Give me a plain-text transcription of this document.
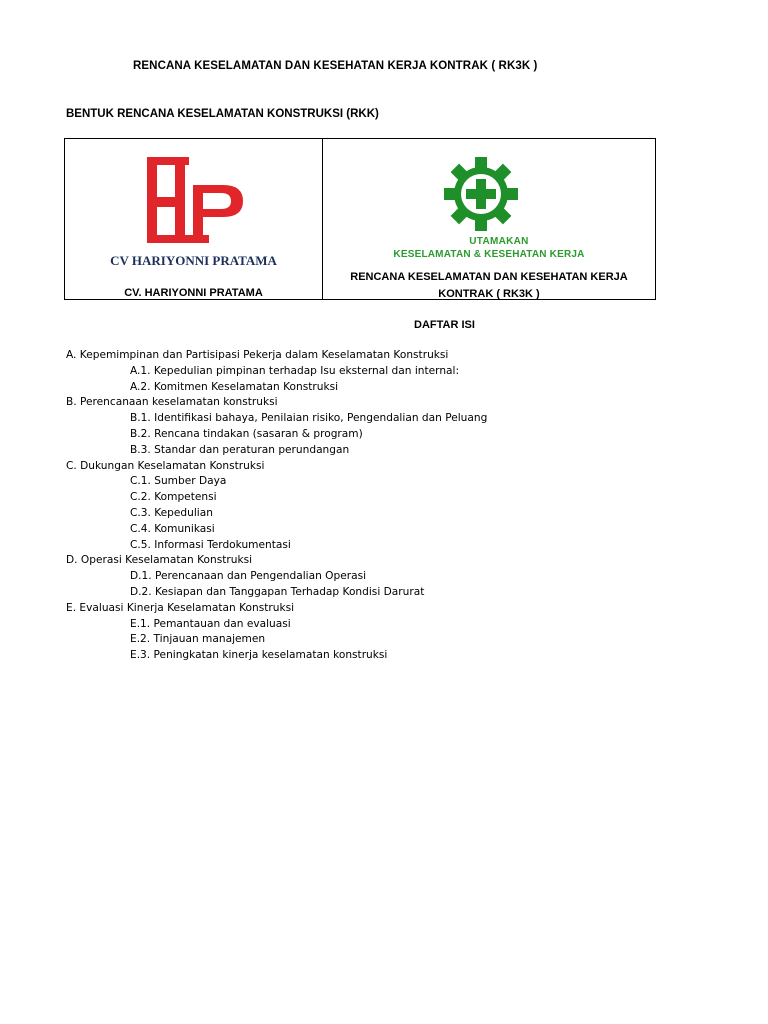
RENCANA KESELAMATAN DAN KESEHATAN KERJA KONTRAK ( RK3K )
BENTUK RENCANA KESELAMATAN KONSTRUKSI (RKK)
CV HARIYONNI PRATAMA
CV. HARIYONNI PRATAMA
UTAMAKAN
KESELAMATAN & KESEHATAN KERJA
RENCANA KESELAMATAN DAN KESEHATAN KERJA
KONTRAK ( RK3K )
DAFTAR ISI
A. Kepemimpinan dan Partisipasi Pekerja dalam Keselamatan Konstruksi
A.1. Kepedulian pimpinan terhadap Isu eksternal dan internal:
A.2. Komitmen Keselamatan Konstruksi
B. Perencanaan keselamatan konstruksi
B.1. Identifikasi bahaya, Penilaian risiko, Pengendalian dan Peluang
B.2. Rencana tindakan (sasaran & program)
B.3. Standar dan peraturan perundangan
C. Dukungan Keselamatan Konstruksi
C.1. Sumber Daya
C.2. Kompetensi
C.3. Kepedulian
C.4. Komunikasi
C.5. Informasi Terdokumentasi
D. Operasi Keselamatan Konstruksi
D.1. Perencanaan dan Pengendalian Operasi
D.2. Kesiapan dan Tanggapan Terhadap Kondisi Darurat
E. Evaluasi Kinerja Keselamatan Konstruksi
E.1. Pemantauan dan evaluasi
E.2. Tinjauan manajemen
E.3. Peningkatan kinerja keselamatan konstruksi
